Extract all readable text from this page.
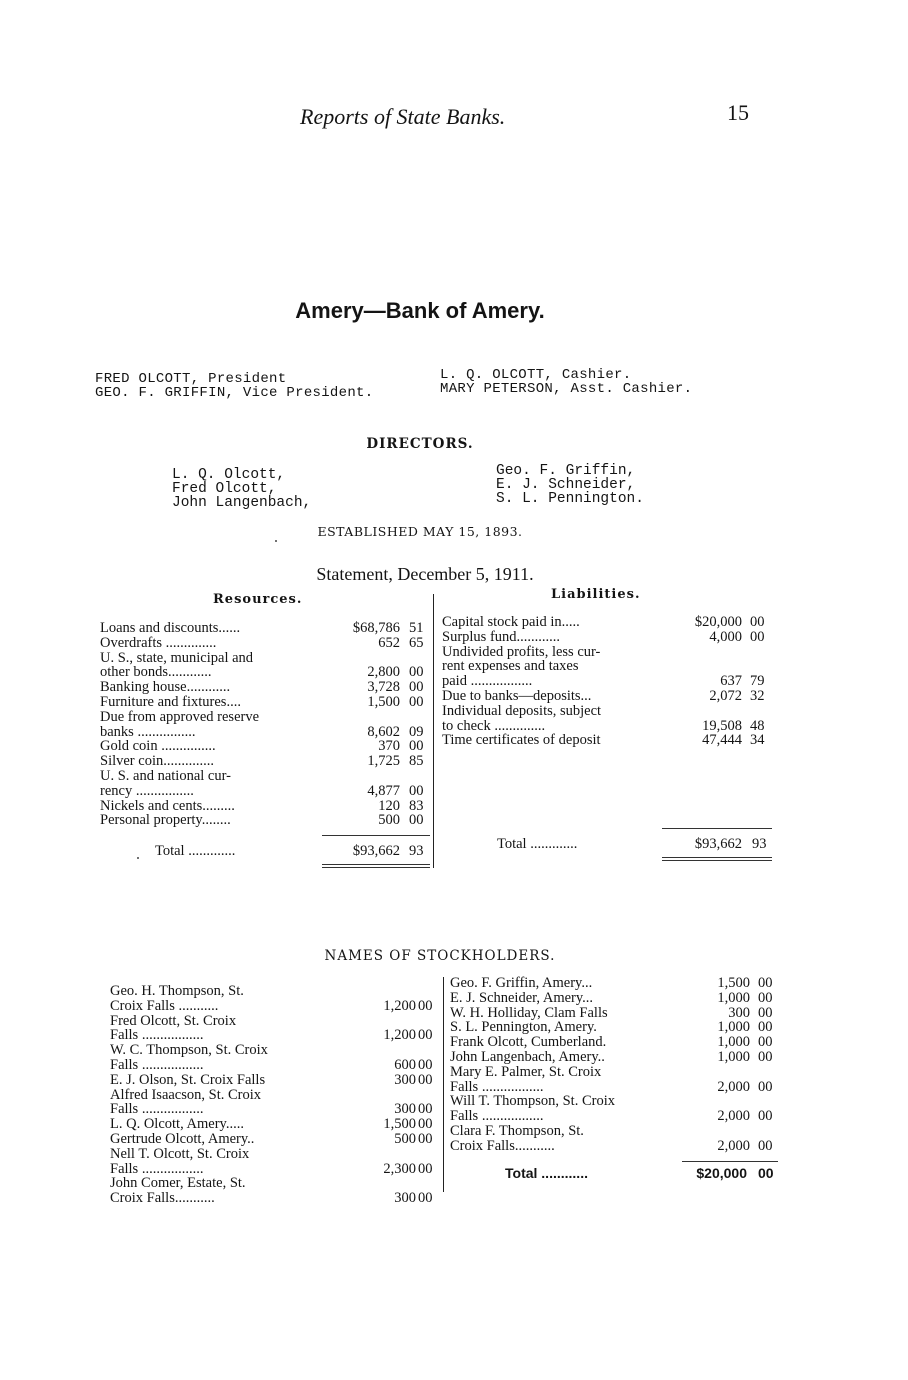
Reports of State Banks.	15
Amery—Bank of Amery.
FRED OLCOTT, President
GEO. F. GRIFFIN, Vice President.
L. Q. OLCOTT, Cashier.
MARY PETERSON, Asst. Cashier.
DIRECTORS.
L. Q. Olcott,
Fred Olcott,
John Langenbach,
Geo. F. Griffin,
E. J. Schneider,
S. L. Pennington.
ESTABLISHED MAY 15, 1893.
Statement, December 5, 1911.
Resources.	Liabilities.
Loans and discounts......	$68,786 51
Overdrafts ..............	652 65
U. S., state, municipal and
other bonds............	2,800 00
Banking house............	3,728 00
Furniture and fixtures....	1,500 00
Due from approved reserve
banks ................	8,602 09
Gold coin ...............	370 00
Silver coin..............	1,725 85
U. S. and national cur-
rency ................	4,877 00
Nickels and cents.........	120 83
Personal property........	500 00
Capital stock paid in.....	$20,000 00
Surplus fund............	4,000 00
Undivided profits, less cur-
rent expenses and taxes
paid .................	637 79
Due to banks—deposits...	2,072 32
Individual deposits, subject
to check ..............	19,508 48
Time certificates of deposit	47,444 34
Total .............	$93,662 93	Total .............	$93,662 93
NAMES OF STOCKHOLDERS.
Geo. H. Thompson, St.
Croix Falls ...........	1,200 00
Fred Olcott, St. Croix
Falls .................	1,200 00
W. C. Thompson, St. Croix
Falls .................	600 00
E. J. Olson, St. Croix Falls	300 00
Alfred Isaacson, St. Croix
Falls .................	300 00
L. Q. Olcott, Amery.....	1,500 00
Gertrude Olcott, Amery..	500 00
Nell T. Olcott, St. Croix
Falls .................	2,300 00
John Comer, Estate, St.
Croix Falls...........	300 00
Geo. F. Griffin, Amery...	1,500 00
E. J. Schneider, Amery...	1,000 00
W. H. Holliday, Clam Falls	300 00
S. L. Pennington, Amery.	1,000 00
Frank Olcott, Cumberland.	1,000 00
John Langenbach, Amery..	1,000 00
Mary E. Palmer, St. Croix
Falls .................	2,000 00
Will T. Thompson, St. Croix
Falls .................	2,000 00
Clara F. Thompson, St.
Croix Falls...........	2,000 00
Total ............	$20,000 00
